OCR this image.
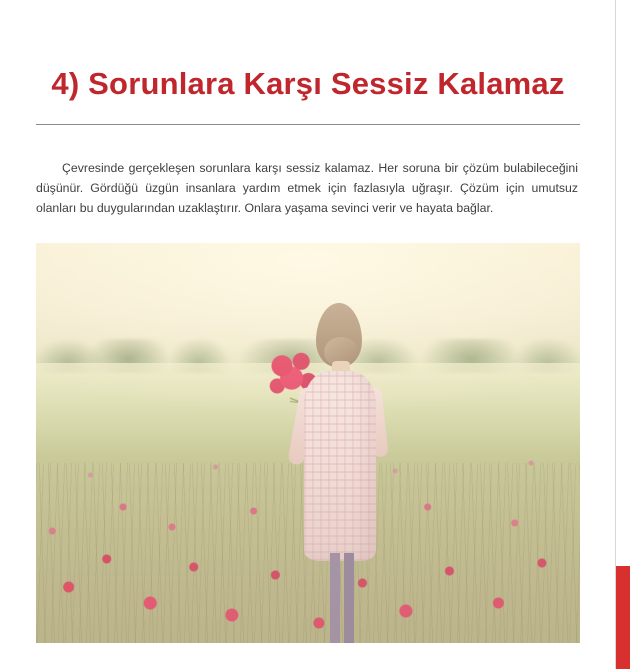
4) Sorunlara Karşı Sessiz Kalamaz

Çevresinde gerçekleşen sorunlara karşı sessiz kalamaz. Her soruna bir çözüm bulabileceğini düşünür. Gördüğü üzgün insanlara yardım etmek için fazlasıyla uğraşır. Çözüm için umutsuz olanları bu duygularından uzaklaştırır. Onlara yaşama sevinci verir ve hayata bağlar.
